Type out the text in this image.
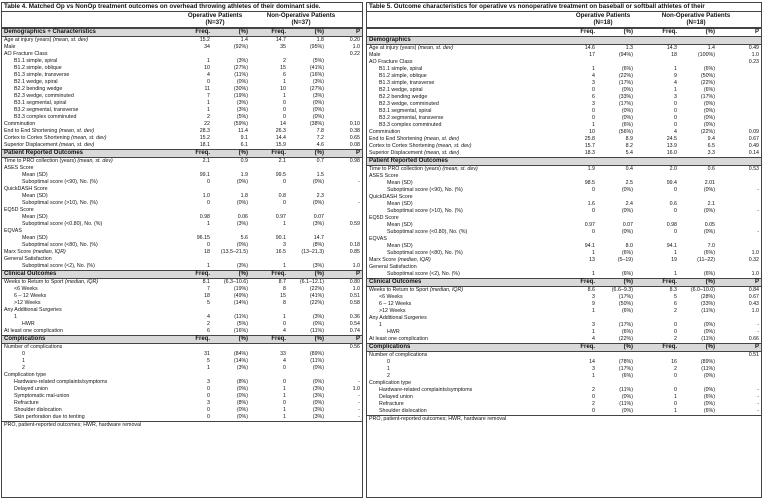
Table 4. Matched Op vs NonOp treatment outcomes on overhead throwing athletes of their dominant side.
Operative Patients
(N=37)
Non-Operative Patients
(N=37)
Demographics + Characteristics	Freq.	(%)	Freq.	(%)	P
Age at injury (years) (mean, st. dev)	15.2	1.4	14.7	1.8	0.20
Male	34	(92%)	35	(95%)	1.0
AO Fracture Class	0.22
B1.1 simple, spiral	1	(3%)	2	(5%)
B1.2 simple, oblique	10	(27%)	15	(41%)
B1.3 simple, transverse	4	(11%)	6	(16%)
B2.1 wedge, spiral	0	(0%)	1	(3%)
B2.2 bending wedge	11	(30%)	10	(27%)
B2.3 wedge, comminuted	7	(19%)	1	(3%)
B3.1 segmental, spiral	1	(3%)	0	(0%)
B3.2 segmental, transverse	1	(3%)	0	(0%)
B3.3 complex comminuted	2	(5%)	0	(0%)
Comminution	22	(59%)	14	(38%)	0.10
End to End Shortening (mean, st. dev)	28.3	11.4	26.3	7.8	0.38
Cortex to Cortex Shortening (mean, st. dev)	15.2	9.1	14.4	7.2	0.65
Superior Displacement (mean, st. dev)	18.1	6.1	15.9	4.6	0.08
Patient Reported Outcomes	Freq.	(%)	Freq.	(%)	P
Time to PRO collection (years) (mean, st. dev)	2.1	0.9	2.1	0.7	0.98
ASES Score
Mean (SD)	99.1	1.9	99.5	1.5
Suboptimal score (<90), No. (%)	0	(0%)	0	(0%)	-
QuickDASH Score
Mean (SD)	1.0	1.8	0.8	2.3
Suboptimal score (>10), No. (%)	0	(0%)	0	(0%)	-
EQ5D Score
Mean (SD)	0.98	0.06	0.97	0.07
Suboptimal score (<0.80), No. (%)	1	(3%)	1	(3%)	0.59
EQVAS
Mean (SD)	96.15	5.6	90.1	14.7
Suboptimal score (<80), No. (%)	0	(0%)	3	(8%)	0.18
Marx Score (median, IQR)	18	(13.5–21.5)	16.5	(13–21.3)	0.85
General Satisfaction
Suboptimal score (<2), No. (%)	1	(3%)	1	(3%)	1.0
Clinical Outcomes	Freq.	(%)	Freq.	(%)	P
Weeks to Return to Sport (median, IQR)	8.1	(6.3–10.6)	8.7	(6.1–12.1)	0.80
<6 Weeks	7	(19%)	8	(22%)	1.0
6 – 12 Weeks	18	(49%)	15	(41%)	0.51
>12 Weeks	5	(14%)	8	(22%)	0.58
Any Additional Surgeries
1	4	(11%)	1	(3%)	0.36
HWR	2	(5%)	0	(0%)	0.54
At least one complication	6	(16%)	4	(11%)	0.74
Complications	Freq.	(%)	Freq.	(%)	P
Number of complications	0.56
0	31	(84%)	33	(89%)
1	5	(14%)	4	(11%)
2	1	(3%)	0	(0%)
Complication type
Hardware-related complaints/symptoms	3	(8%)	0	(0%)	-
Delayed union	0	(0%)	1	(3%)	1.0
Symptomatic mal-union	0	(0%)	1	(3%)	-
Refracture	3	(8%)	0	(0%)	-
Shoulder dislocation	0	(0%)	1	(3%)	-
Skin perforation due to tenting	0	(0%)	1	(3%)	-
PRO, patient-reported outcomes; HWR, hardware removal
Table 5. Outcome characteristics for operative vs nonoperative treatment on baseball or softball athletes of their
Operative Patients
(N=18)
Non-Operative Patients
(N=18)
Freq.	(%)	Freq.	(%)	P
Demographics
Age at injury (years) (mean, st. dev)	14.6	1.3	14.3	1.4	0.49
Male	17	(94%)	18	(100%)	1.0
AO Fracture Class	0.23
B1.1 simple, spiral	1	(6%)	1	(6%)
B1.2 simple, oblique	4	(22%)	9	(50%)
B1.3 simple, transverse	3	(17%)	4	(22%)
B2.1 wedge, spiral	0	(0%)	1	(6%)
B2.2 bending wedge	6	(33%)	3	(17%)
B2.3 wedge, comminuted	3	(17%)	0	(0%)
B3.1 segmental, spiral	0	(0%)	0	(0%)
B3.2 segmental, transverse	0	(0%)	0	(0%)
B3.3 complex comminuted	1	(6%)	0	(0%)
Comminution	10	(56%)	4	(22%)	0.09
End to End Shortening (mean, st. dev)	25.8	8.9	24.5	9.4	0.67
Cortex to Cortex Shortening (mean, st. dev)	15.7	8.2	13.9	6.5	0.49
Superior Displacement (mean, st. dev)	18.3	5.4	16.0	3.3	0.14
Patient Reported Outcomes
Time to PRO collection (years) (mean, st. dev)	1.9	0.4	2.0	0.6	0.53
ASES Score
Mean (SD)	98.5	2.5	99.4	2.01
Suboptimal score (<90), No. (%)	0	(0%)	0	(0%)	-
QuickDASH Score
Mean (SD)	1.6	2.4	0.6	2.1
Suboptimal score (>10), No. (%)	0	(0%)	0	(0%)	-
EQ5D Score
Mean (SD)	0.97	0.07	0.98	0.05
Suboptimal score (<0.80), No. (%)	0	(0%)	0	(0%)	-
EQVAS
Mean (SD)	94.1	8.0	94.1	7.0
Suboptimal score (<80), No. (%)	1	(6%)	1	(6%)	1.0
Marx Score (median, IQR)	13	(5–19)	19	(11–22)	0.32
General Satisfaction
Suboptimal score (<2), No. (%)	1	(6%)	1	(6%)	1.0
Clinical Outcomes	Freq.	(%)	Freq.	(%)	P
Weeks to Return to Sport (median, IQR)	8.6	(6.6–9.3)	8.3	(6.0–10.0)	0.84
<6 Weeks	3	(17%)	5	(28%)	0.67
6 – 12 Weeks	9	(50%)	6	(33%)	0.43
>12 Weeks	1	(6%)	2	(11%)	1.0
Any Additional Surgeries
1	3	(17%)	0	(0%)	-
HWR	1	(6%)	0	(0%)	-
At least one complication	4	(22%)	2	(11%)	0.66
Complications	Freq.	(%)	Freq.	(%)	P
Number of complications	0.51
0	14	(78%)	16	(89%)
1	3	(17%)	2	(11%)
2	1	(6%)	0	(0%)
Complication type
Hardware-related complaints/symptoms	2	(11%)	0	(0%)	-
Delayed union	0	(0%)	1	(6%)	-
Refracture	2	(11%)	0	(0%)	-
Shoulder dislocation	0	(0%)	1	(6%)	-
PRO, patient-reported outcomes; HWR, hardware removal
